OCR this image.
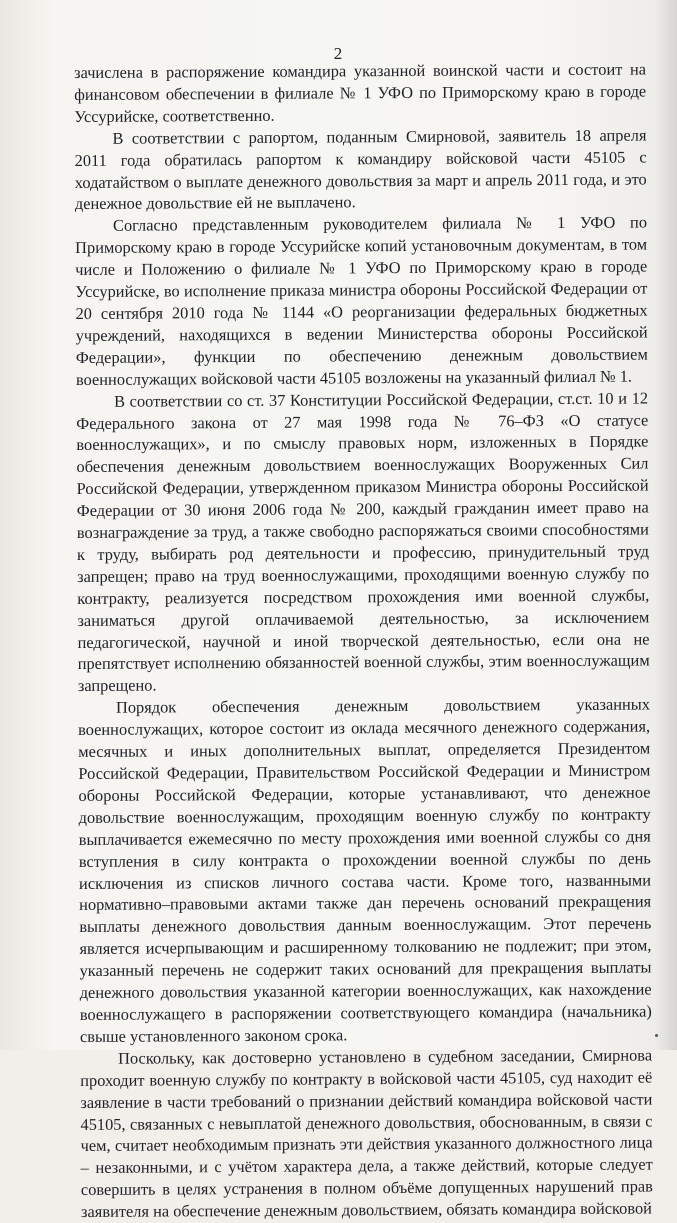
2

зачислена в распоряжение командира указанной воинской части и состоит на финансовом обеспечении в филиале № 1 УФО по Приморскому краю в городе Уссурийске, соответственно.

В соответствии с рапортом, поданным Смирновой, заявитель 18 апреля 2011 года обратилась рапортом к командиру войсковой части 45105 с ходатайством о выплате денежного довольствия за март и апрель 2011 года, и это денежное довольствие ей не выплачено.

Согласно представленным руководителем филиала № 1 УФО по Приморскому краю в городе Уссурийске копий установочным документам, в том числе и Положению о филиале № 1 УФО по Приморскому краю в городе Уссурийске, во исполнение приказа министра обороны Российской Федерации от 20 сентября 2010 года № 1144 «О реорганизации федеральных бюджетных учреждений, находящихся в ведении Министерства обороны Российской Федерации», функции по обеспечению денежным довольствием военнослужащих войсковой части 45105 возложены на указанный филиал № 1.

В соответствии со ст. 37 Конституции Российской Федерации, ст.ст. 10 и 12 Федерального закона от 27 мая 1998 года № 76–ФЗ «О статусе военнослужащих», и по смыслу правовых норм, изложенных в Порядке обеспечения денежным довольствием военнослужащих Вооруженных Сил Российской Федерации, утвержденном приказом Министра обороны Российской Федерации от 30 июня 2006 года № 200, каждый гражданин имеет право на вознаграждение за труд, а также свободно распоряжаться своими способностями к труду, выбирать род деятельности и профессию, принудительный труд запрещен; право на труд военнослужащими, проходящими военную службу по контракту, реализуется посредством прохождения ими военной службы, заниматься другой оплачиваемой деятельностью, за исключением педагогической, научной и иной творческой деятельностью, если она не препятствует исполнению обязанностей военной службы, этим военнослужащим запрещено.

Порядок обеспечения денежным довольствием указанных военнослужащих, которое состоит из оклада месячного денежного содержания, месячных и иных дополнительных выплат, определяется Президентом Российской Федерации, Правительством Российской Федерации и Министром обороны Российской Федерации, которые устанавливают, что денежное довольствие военнослужащим, проходящим военную службу по контракту выплачивается ежемесячно по месту прохождения ими военной службы со дня вступления в силу контракта о прохождении военной службы по день исключения из списков личного состава части. Кроме того, названными нормативно–правовыми актами также дан перечень оснований прекращения выплаты денежного довольствия данным военнослужащим. Этот перечень является исчерпывающим и расширенному толкованию не подлежит; при этом, указанный перечень не содержит таких оснований для прекращения выплаты денежного довольствия указанной категории военнослужащих, как нахождение военнослужащего в распоряжении соответствующего командира (начальника) свыше установленного законом срока.

Поскольку, как достоверно установлено в судебном заседании, Смирнова проходит военную службу по контракту в войсковой части 45105, суд находит её заявление в части требований о признании действий командира войсковой части 45105, связанных с невыплатой денежного довольствия, обоснованным, в связи с чем, считает необходимым признать эти действия указанного должностного лица – незаконными, и с учётом характера дела, а также действий, которые следует совершить в целях устранения в полном объёме допущенных нарушений прав заявителя на обеспечение денежным довольствием, обязать командира войсковой
